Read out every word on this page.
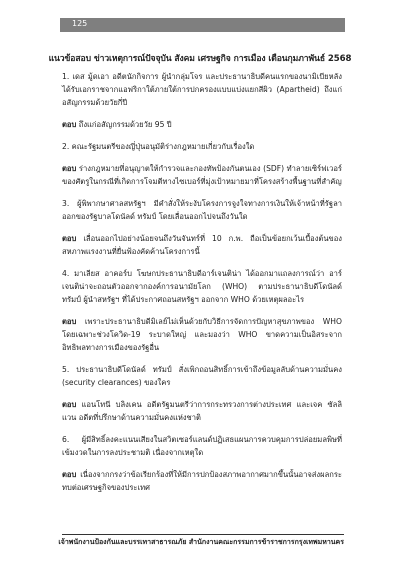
125
แนวข้อสอบ ข่าวเหตุการณ์ปัจจุบัน สังคม เศรษฐกิจ การเมือง เดือนกุมภาพันธ์ 2568

1. เดส มู้ดเอา อดีตนักกิจการ ผู้นำกลุ่มโจร และประธานาธิบดีคนแรกของนามิเบียหลังได้รับเอกราชจากแอฟริกาใต้ภายใต้การปกครองแบบแบ่งแยกสีผิว (Apartheid) ถึงแก่อสัญกรรมด้วยวัยกี่ปี

ตอบ ถึงแก่อสัญกรรมด้วยวัย 95 ปี

2. คณะรัฐมนตรีของญี่ปุ่นอนุมัติร่างกฎหมายเกี่ยวกับเรื่องใด

ตอบ ร่างกฎหมายที่อนุญาตให้กำรวจและกองทัพป้องกันตนเอง (SDF) ทำลายเซิร์ฟเวอร์ของศัตรูในกรณีที่เกิดการโจมตีทางไซเบอร์ที่มุ่งเป้าหมายมาที่โครงสร้างพื้นฐานที่สำคัญ

3. ผู้พิพากษาศาลสหรัฐฯ มีคำสั่งให้ระงับโครงการจูงใจทางการเงินให้เจ้าหน้าที่รัฐลาออกของรัฐบาลโดนัลด์ ทรัมป์ โดยเลื่อนออกไปจนถึงวันใด

ตอบ เลื่อนออกไปอย่างน้อยจนถึงวันจันทร์ที่ 10 ก.พ. ถือเป็นข้อยกเว้นเบื้องต้นของสหภาพแรงงานที่ยื่นฟ้องคัดค้านโครงการนี้

4. มาเลียส อาคอร์บ โฆษกประธานาธิบดีอาร์เจนติน่า ได้ออกมาแถลงการณ์ว่า อาร์เจนติน่าจะถอนตัวออกจากองค์การอนามัยโลก (WHO) ตามประธานาธิบดีโดนัลด์ ทรัมป์ ผู้นำสหรัฐฯ ที่ได้ประกาศถอนสหรัฐฯ ออกจาก WHO ด้วยเหตุผลอะไร

ตอบ เพราะประธานาธิบดีมิเลย์ไม่เห็นด้วยกับวิธีการจัดการปัญหาสุขภาพของ WHO โดยเฉพาะช่วงโควิด-19 ระบาดใหญ่ และมองว่า WHO ขาดความเป็นอิสระจากอิทธิพลทางการเมืองของรัฐอื่น

5. ประธานาธิบดีโดนัลด์ ทรัมป์ สั่งเพิกถอนสิทธิ์การเข้าถึงข้อมูลลับด้านความมั่นคง (security clearances) ของใคร

ตอบ แอนโทนี บลิงเคน อดีตรัฐมนตรีว่าการกระทรวงการต่างประเทศ และเจค ซัลลิแวน อดีตที่ปรึกษาด้านความมั่นคงแห่งชาติ

6. ผู้มีสิทธิ์ลงคะแนนเสียงในสวิตเซอร์แลนด์ปฏิเสธแผนการควบคุมการปล่อยมลพิษที่เข้มงวดในการลงประชามติ เนื่องจากเหตุใด

ตอบ เนื่องจากกรงว่าข้อเรียกร้องที่ให้มีการปกป้องสภาพอากาศมากขึ้นนั้นอาจส่งผลกระทบต่อเศรษฐกิจของประเทศ

เจ้าพนักงานป้องกันและบรรเทาสาธารณภัย สำนักงานคณะกรรมการข้าราชการกรุงเทพมหานคร
